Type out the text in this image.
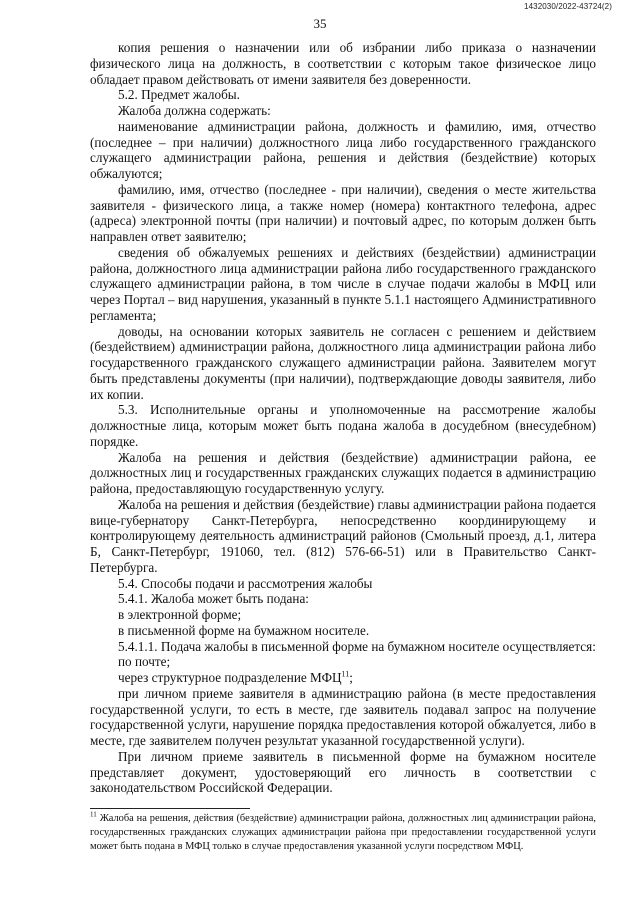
1432030/2022-43724(2)
35

копия решения о назначении или об избрании либо приказа о назначении физического лица на должность, в соответствии с которым такое физическое лицо обладает правом действовать от имени заявителя без доверенности.

5.2. Предмет жалобы.

Жалоба должна содержать:

наименование администрации района, должность и фамилию, имя, отчество (последнее – при наличии) должностного лица либо государственного гражданского служащего администрации района, решения и действия (бездействие) которых обжалуются;

фамилию, имя, отчество (последнее - при наличии), сведения о месте жительства заявителя - физического лица, а также номер (номера) контактного телефона, адрес (адреса) электронной почты (при наличии) и почтовый адрес, по которым должен быть направлен ответ заявителю;

сведения об обжалуемых решениях и действиях (бездействии) администрации района, должностного лица администрации района либо государственного гражданского служащего администрации района, в том числе в случае подачи жалобы в МФЦ или через Портал – вид нарушения, указанный в пункте 5.1.1 настоящего Административного регламента;

доводы, на основании которых заявитель не согласен с решением и действием (бездействием) администрации района, должностного лица администрации района либо государственного гражданского служащего администрации района. Заявителем могут быть представлены документы (при наличии), подтверждающие доводы заявителя, либо их копии.

5.3. Исполнительные органы и уполномоченные на рассмотрение жалобы должностные лица, которым может быть подана жалоба в досудебном (внесудебном) порядке.

Жалоба на решения и действия (бездействие) администрации района, ее должностных лиц и государственных гражданских служащих подается в администрацию района, предоставляющую государственную услугу.

Жалоба на решения и действия (бездействие) главы администрации района подается вице-губернатору Санкт-Петербурга, непосредственно координирующему и контролирующему деятельность администраций районов (Смольный проезд, д.1, литера Б, Санкт-Петербург, 191060, тел. (812) 576-66-51) или в Правительство Санкт-Петербурга.

5.4. Способы подачи и рассмотрения жалобы

5.4.1. Жалоба может быть подана:

в электронной форме;

в письменной форме на бумажном носителе.

5.4.1.1. Подача жалобы в письменной форме на бумажном носителе осуществляется:

по почте;

через структурное подразделение МФЦ$^{11}$;

при личном приеме заявителя в администрацию района (в месте предоставления государственной услуги, то есть в месте, где заявитель подавал запрос на получение государственной услуги, нарушение порядка предоставления которой обжалуется, либо в месте, где заявителем получен результат указанной государственной услуги).

При личном приеме заявитель в письменной форме на бумажном носителе представляет документ, удостоверяющий его личность в соответствии с законодательством Российской Федерации.

$^{11}$ Жалоба на решения, действия (бездействие) администрации района, должностных лиц администрации района, государственных гражданских служащих администрации района при предоставлении государственной услуги может быть подана в МФЦ только в случае предоставления указанной услуги посредством МФЦ.
